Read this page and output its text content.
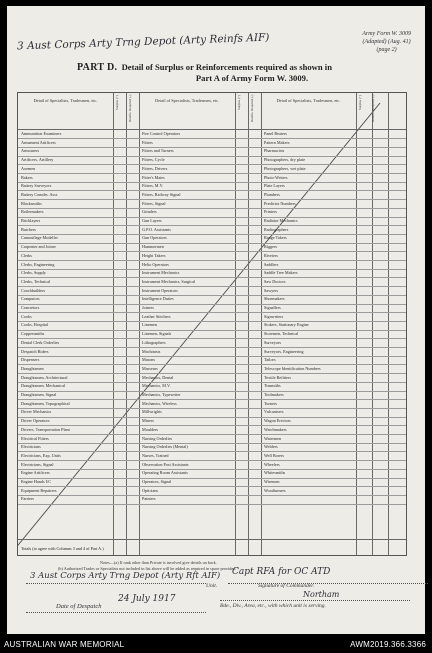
3 Aust Corps Arty Trng Depot (Arty Reinfs AIF)	Army Form W. 3009
(Adapted) (Aug. 41)
(page 2)
PART D. Detail of Surplus or Reinforcements required as shown in
Part A of Army Form W. 3009.
Detail of Specialists, Tradesmen, etc.	Surplus (+)	Reinfts. Required (-)
Ammunition Examiners
Armament Artificers
Armourers
Artificers, Artillery
Axemen
Bakers
Battery Surveyors
Battery Comdrs. Asst.
Blacksmiths
Boilermakers
Bricklayers
Butchers
Camouflage Modeller
Carpenter and Joiner
Clerks
Clerks, Engineering
Clerks, Supply
Clerks, Technical
Coachbuilders
Computors
Concretors
Cooks
Cooks, Hospital
Coppersmiths
Dental Clerk Orderlies
Despatch Riders
Dispensers
Draughtsmen
Draughtsmen, Architectural
Draughtsmen, Mechanical
Draughtsmen, Signal
Draughtsmen, Topographical
Driver Mechanics
Driver Operators
Drivers, Transportation Plant
Electrical Fitters
Electricians
Electricians, Exp. Units
Electricians, Signal
Engine Artificers
Engine Hands I/C
Equipment Repairers
Farriers
Detail of Specialists, Tradesmen, etc.	Surplus (+)	Reinfts. Required (-)
Fire Control Operators
Fitters
Fitters and Turners
Fitters, Cycle
Fitters, Drivers
Fitter's Mates
Fitters, M.V.
Fitters, Railway Signal
Fitters, Signal
Grinders
Gun Layers
G.P.O. Assistants
Gun Operators
Hammermen
Height Takers
Helio Operators
Instrument Mechanics
Instrument Mechanics, Surgical
Instrument Operators
Intelligence Duties
Joiners
Leather Stitchers
Linemen
Linemen, Signals
Lithographers
Machinists
Masons
Masseurs
Mechanics, Dental
Mechanics, M.V.
Mechanics, Typewriter
Mechanics, Wireless
Millwrights
Miners
Moulders
Nursing Orderlies
Nursing Orderlies (Mental)
Nurses, Trained
Observation Post Assistants
Operating Room Assistants
Operators, Signal
Opticians
Painters
Detail of Specialists, Tradesmen, etc.	Surplus (+)	Reinfts. Required (-)
Panel Beaters
Pattern Makers
Pharmacists
Photographers, dry plate
Photographers, wet plate
Photo-Writers
Plate Layers
Plumbers
Predictor Numbers
Printers
Radiator Mechanics
Radiographers
Range Takers
Riggers
Riveters
Saddlers
Saddle Tree Makers
Saw Doctors
Sawyers
Shoemakers
Signallers
Signwriters
Stokers, Stationary Engine
Storemen, Technical
Surveyors
Surveyors, Engineering
Tailors
Telescope Identification Numbers
Textile Refitters
Tinsmiths
Toolmakers
Turners
Vulcanisers
Wagon Erectors
Watchmakers
Watermen
Welders
Well Borers
Wheelers
Whitesmiths
Wiremen
Woodturners
Totals (to agree with Columns 3 and 4 of Part A.)
3 Aust Corps Arty Trng Depot (Arty Rft AIF) Capt RFA for OC ATD
Unit.	Signature of Commander.
Northam
Date of Despatch
24 July 1917
Bde., Div., Area, etc., with which unit is serving.
AUSTRALIAN WAR MEMORIAL	AWM2019.366.3366
Notes—(a) If rank other than Private is involved give details on back.
(b) Authorized Trades or Specialists not included in list above will be added as required in space provided.
